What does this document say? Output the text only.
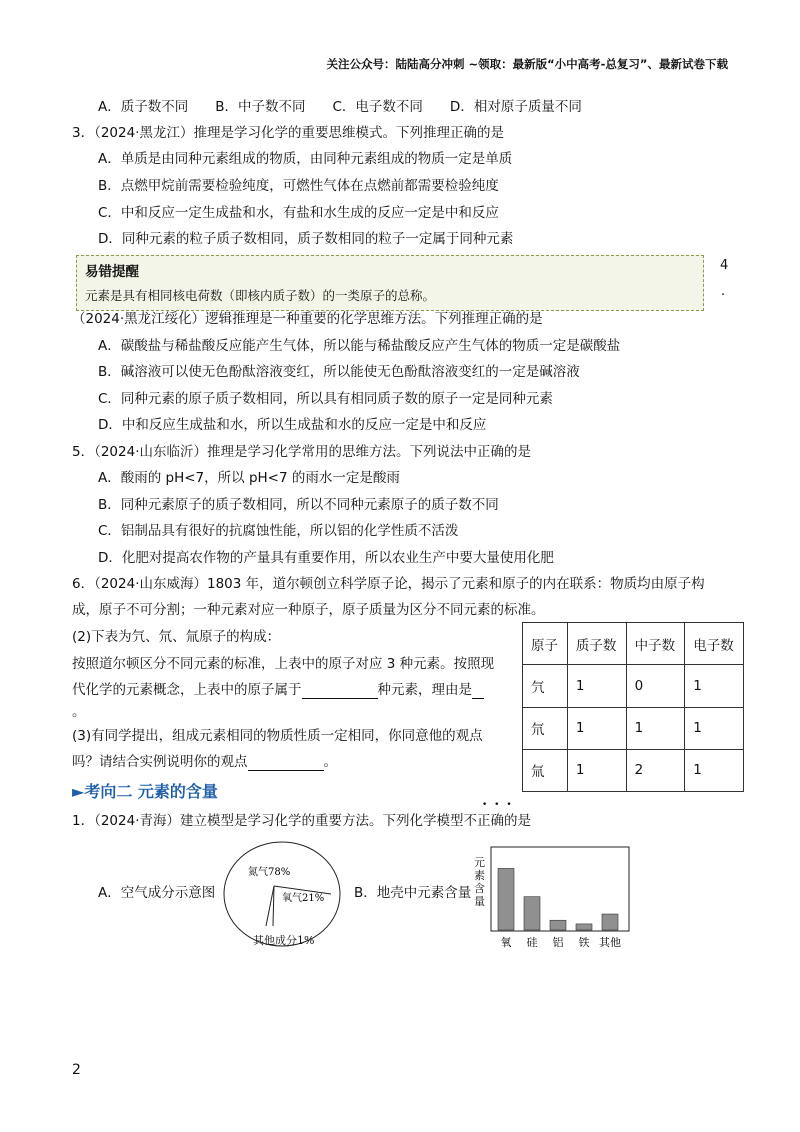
关注公众号：陆陆高分冲刺 ~领取：最新版“小中高考-总复习”、最新试卷下载
A．质子数不同　　B．中子数不同　　C．电子数不同　　D．相对原子质量不同
3．（2024·黑龙江）推理是学习化学的重要思维模式。下列推理正确的是
A．单质是由同种元素组成的物质，由同种元素组成的物质一定是单质
B．点燃甲烷前需要检验纯度，可燃性气体在点燃前都需要检验纯度
C．中和反应一定生成盐和水，有盐和水生成的反应一定是中和反应
D．同种元素的粒子质子数相同，质子数相同的粒子一定属于同种元素
易错提醒
元素是具有相同核电荷数（即核内质子数）的一类原子的总称。
4
.
（2024·黑龙江绥化）逻辑推理是一种重要的化学思维方法。下列推理正确的是
A．碳酸盐与稀盐酸反应能产生气体，所以能与稀盐酸反应产生气体的物质一定是碳酸盐
B．碱溶液可以使无色酚酞溶液变红，所以能使无色酚酞溶液变红的一定是碱溶液
C．同种元素的原子质子数相同，所以具有相同质子数的原子一定是同种元素
D．中和反应生成盐和水，所以生成盐和水的反应一定是中和反应
5．（2024·山东临沂）推理是学习化学常用的思维方法。下列说法中正确的是
A．酸雨的 pH<7，所以 pH<7 的雨水一定是酸雨
B．同种元素原子的质子数相同，所以不同种元素原子的质子数不同
C．铝制品具有很好的抗腐蚀性能，所以铝的化学性质不活泼
D．化肥对提高农作物的产量具有重要作用，所以农业生产中要大量使用化肥
6．（2024·山东威海）1803 年，道尔顿创立科学原子论，揭示了元素和原子的内在联系：物质均由原子构
成，原子不可分割；一种元素对应一种原子，原子质量为区分不同元素的标准。
(2)下表为氕、氘、氚原子的构成：
按照道尔顿区分不同元素的标准，上表中的原子对应 3 种元素。按照现
代化学的元素概念，上表中的原子属于	种元素，理由是
。
(3)有同学提出，组成元素相同的物质性质一定相同，你同意他的观点
吗？请结合实例说明你的观点	。
原子	质子数	中子数	电子数
氕	1	0	1
氘	1	1	1
氚	1	2	1
►考向二 元素的含量
• • •
1．（2024·青海）建立模型是学习化学的重要方法。下列化学模型不正确的是
A．空气成分示意图	B．地壳中元素含量
氮气78%
氧气21%
其他成分1%
元素含量
氧 硅 铝 铁 其他
2
